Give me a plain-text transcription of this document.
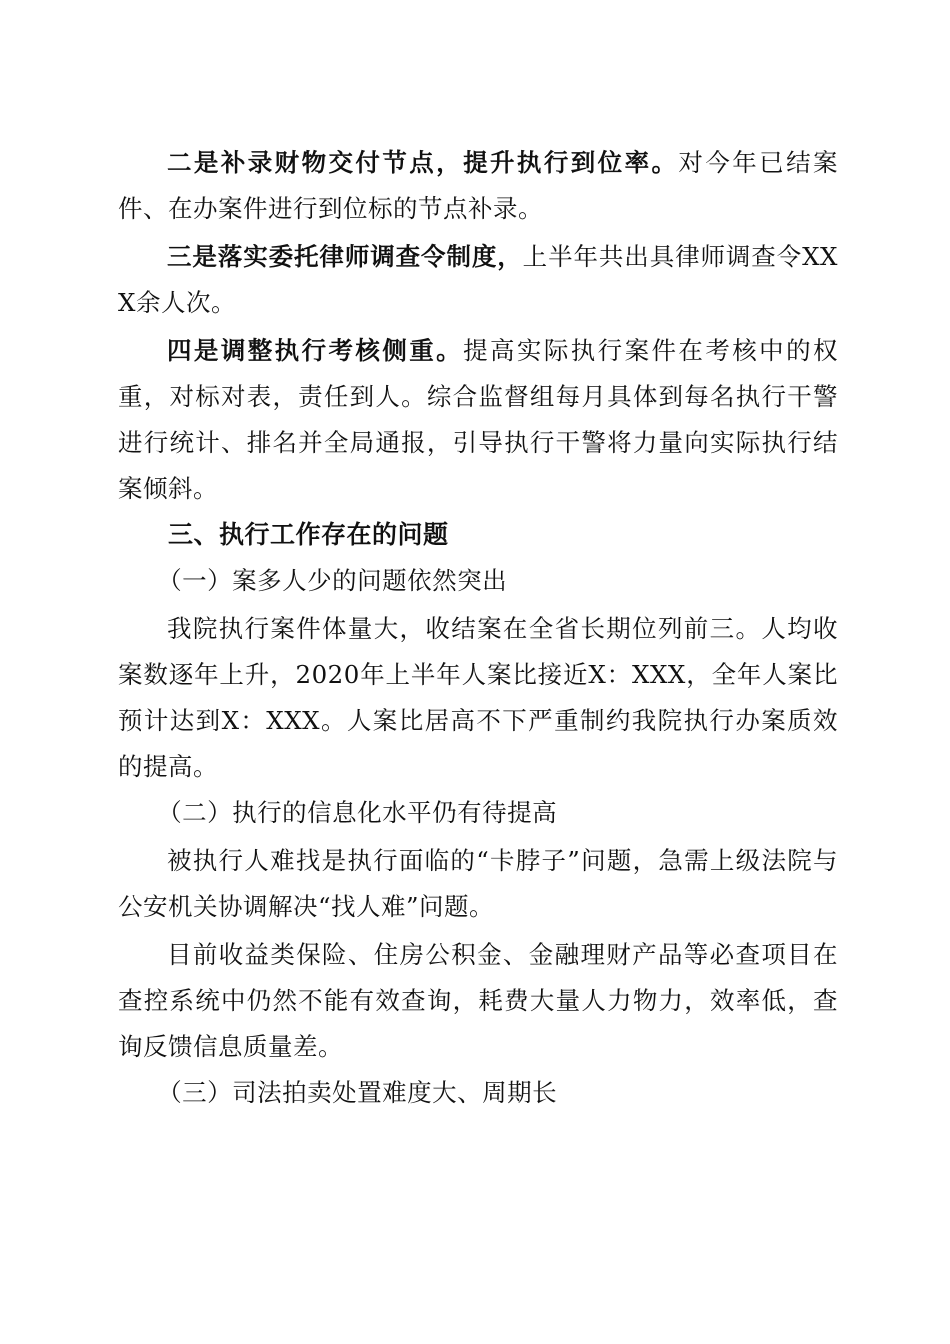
二是补录财物交付节点，提升执行到位率。对今年已结案件、在办案件进行到位标的节点补录。

三是落实委托律师调查令制度，上半年共出具律师调查令XXX余人次。

四是调整执行考核侧重。提高实际执行案件在考核中的权重，对标对表，责任到人。综合监督组每月具体到每名执行干警进行统计、排名并全局通报，引导执行干警将力量向实际执行结案倾斜。

三、执行工作存在的问题

（一）案多人少的问题依然突出

我院执行案件体量大，收结案在全省长期位列前三。人均收案数逐年上升，2020年上半年人案比接近X：XXX，全年人案比预计达到X：XXX。人案比居高不下严重制约我院执行办案质效的提高。

（二）执行的信息化水平仍有待提高

被执行人难找是执行面临的“卡脖子”问题，急需上级法院与公安机关协调解决“找人难”问题。

目前收益类保险、住房公积金、金融理财产品等必查项目在查控系统中仍然不能有效查询，耗费大量人力物力，效率低，查询反馈信息质量差。

（三）司法拍卖处置难度大、周期长
